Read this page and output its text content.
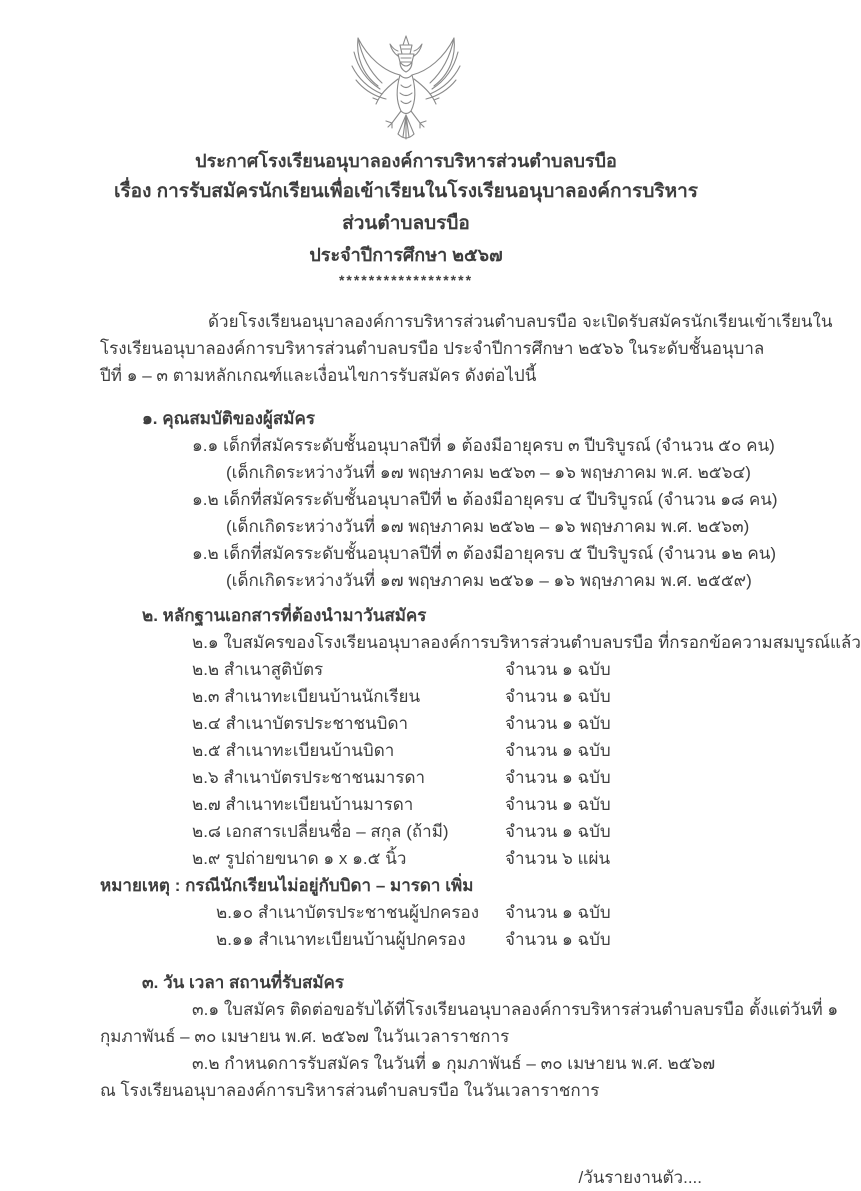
ประกาศโรงเรียนอนุบาลองค์การบริหารส่วนตำบลบรบือ
เรื่อง การรับสมัครนักเรียนเพื่อเข้าเรียนในโรงเรียนอนุบาลองค์การบริหารส่วนตำบลบรบือ
ประจำปีการศึกษา ๒๕๖๗
******************
ด้วยโรงเรียนอนุบาลองค์การบริหารส่วนตำบลบรบือ จะเปิดรับสมัครนักเรียนเข้าเรียนใน
โรงเรียนอนุบาลองค์การบริหารส่วนตำบลบรบือ ประจำปีการศึกษา ๒๕๖๖ ในระดับชั้นอนุบาล
ปีที่ ๑ – ๓ ตามหลักเกณฑ์และเงื่อนไขการรับสมัคร ดังต่อไปนี้
๑. คุณสมบัติของผู้สมัคร
๑.๑ เด็กที่สมัครระดับชั้นอนุบาลปีที่ ๑ ต้องมีอายุครบ ๓ ปีบริบูรณ์ (จำนวน ๕๐ คน)
(เด็กเกิดระหว่างวันที่ ๑๗ พฤษภาคม ๒๕๖๓ – ๑๖ พฤษภาคม พ.ศ. ๒๕๖๔)
๑.๒ เด็กที่สมัครระดับชั้นอนุบาลปีที่ ๒ ต้องมีอายุครบ ๔ ปีบริบูรณ์ (จำนวน ๑๘ คน)
(เด็กเกิดระหว่างวันที่ ๑๗ พฤษภาคม ๒๕๖๒ – ๑๖ พฤษภาคม พ.ศ. ๒๕๖๓)
๑.๒ เด็กที่สมัครระดับชั้นอนุบาลปีที่ ๓ ต้องมีอายุครบ ๕ ปีบริบูรณ์ (จำนวน ๑๒ คน)
(เด็กเกิดระหว่างวันที่ ๑๗ พฤษภาคม ๒๕๖๑ – ๑๖ พฤษภาคม พ.ศ. ๒๕๕๙)
๒. หลักฐานเอกสารที่ต้องนำมาวันสมัคร
๒.๑ ใบสมัครของโรงเรียนอนุบาลองค์การบริหารส่วนตำบลบรบือ ที่กรอกข้อความสมบูรณ์แล้ว
๒.๒ สำเนาสูติบัตร	จำนวน ๑ ฉบับ
๒.๓ สำเนาทะเบียนบ้านนักเรียน	จำนวน ๑ ฉบับ
๒.๔ สำเนาบัตรประชาชนบิดา	จำนวน ๑ ฉบับ
๒.๕ สำเนาทะเบียนบ้านบิดา	จำนวน ๑ ฉบับ
๒.๖ สำเนาบัตรประชาชนมารดา	จำนวน ๑ ฉบับ
๒.๗ สำเนาทะเบียนบ้านมารดา	จำนวน ๑ ฉบับ
๒.๘ เอกสารเปลี่ยนชื่อ – สกุล (ถ้ามี)	จำนวน ๑ ฉบับ
๒.๙ รูปถ่ายขนาด ๑ x ๑.๕ นิ้ว	จำนวน ๖ แผ่น
หมายเหตุ : กรณีนักเรียนไม่อยู่กับบิดา – มารดา เพิ่ม
๒.๑๐ สำเนาบัตรประชาชนผู้ปกครอง จำนวน ๑ ฉบับ
๒.๑๑ สำเนาทะเบียนบ้านผู้ปกครอง จำนวน ๑ ฉบับ
๓. วัน เวลา สถานที่รับสมัคร
๓.๑ ใบสมัคร ติดต่อขอรับได้ที่โรงเรียนอนุบาลองค์การบริหารส่วนตำบลบรบือ ตั้งแต่วันที่ ๑
กุมภาพันธ์ – ๓๐ เมษายน พ.ศ. ๒๕๖๗ ในวันเวลาราชการ
๓.๒ กำหนดการรับสมัคร ในวันที่ ๑ กุมภาพันธ์ – ๓๐ เมษายน พ.ศ. ๒๕๖๗
ณ โรงเรียนอนุบาลองค์การบริหารส่วนตำบลบรบือ ในวันเวลาราชการ
/วันรายงานตัว....
